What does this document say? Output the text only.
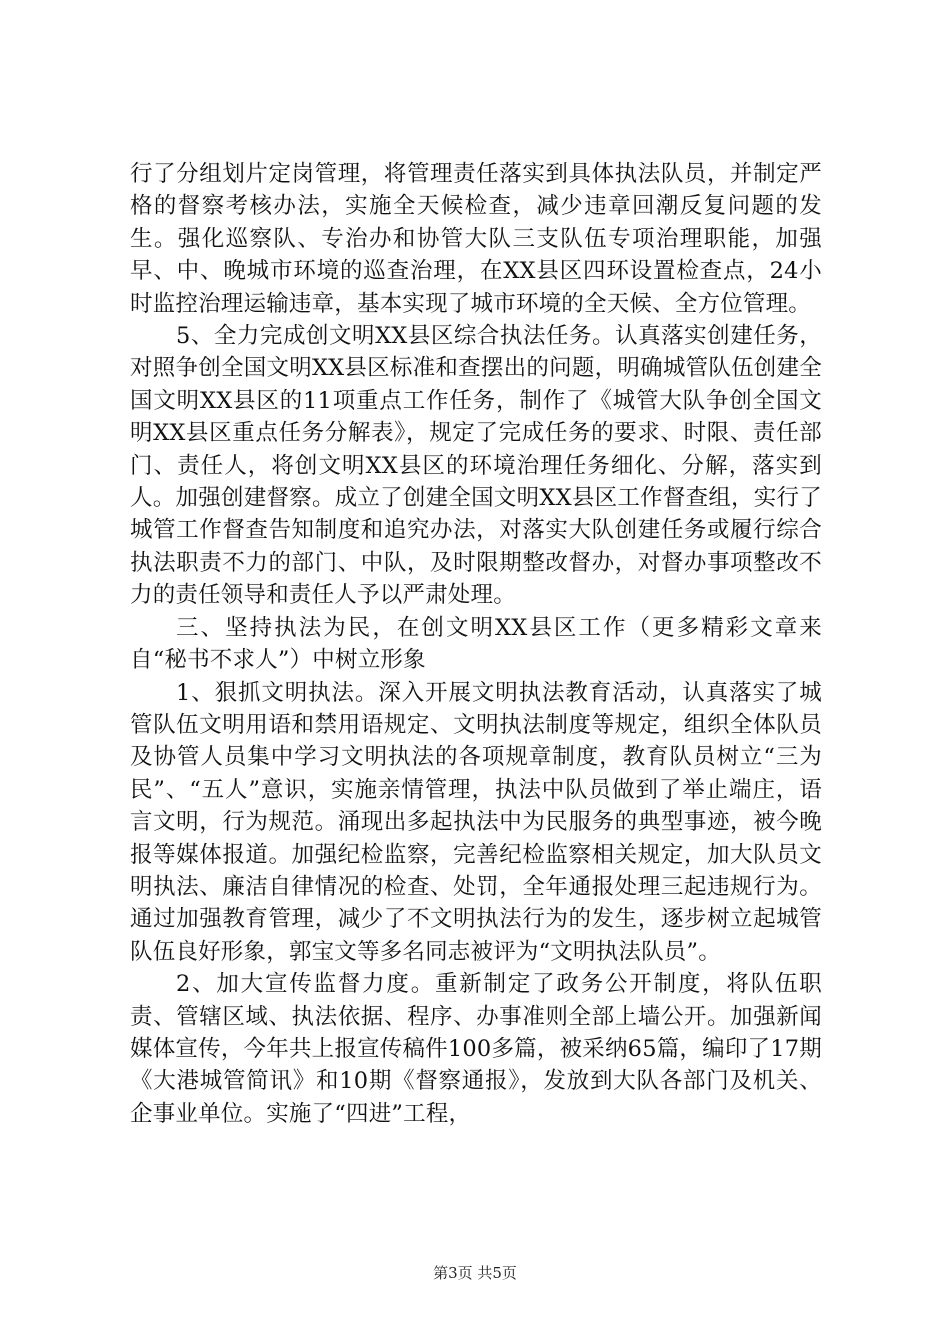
行了分组划片定岗管理，将管理责任落实到具体执法队员，并制定严格的督察考核办法，实施全天候检查，减少违章回潮反复问题的发生。强化巡察队、专治办和协管大队三支队伍专项治理职能，加强早、中、晚城市环境的巡查治理，在XX县区四环设置检查点，24小时监控治理运输违章，基本实现了城市环境的全天候、全方位管理。

5、全力完成创文明XX县区综合执法任务。认真落实创建任务，对照争创全国文明XX县区标准和查摆出的问题，明确城管队伍创建全国文明XX县区的11项重点工作任务，制作了《城管大队争创全国文明XX县区重点任务分解表》，规定了完成任务的要求、时限、责任部门、责任人，将创文明XX县区的环境治理任务细化、分解，落实到人。加强创建督察。成立了创建全国文明XX县区工作督查组，实行了城管工作督查告知制度和追究办法，对落实大队创建任务或履行综合执法职责不力的部门、中队，及时限期整改督办，对督办事项整改不力的责任领导和责任人予以严肃处理。

三、坚持执法为民，在创文明XX县区工作（更多精彩文章来自“秘书不求人”）中树立形象

1、狠抓文明执法。深入开展文明执法教育活动，认真落实了城管队伍文明用语和禁用语规定、文明执法制度等规定，组织全体队员及协管人员集中学习文明执法的各项规章制度，教育队员树立“三为民”、“五人”意识，实施亲情管理，执法中队员做到了举止端庄，语言文明，行为规范。涌现出多起执法中为民服务的典型事迹，被今晚报等媒体报道。加强纪检监察，完善纪检监察相关规定，加大队员文明执法、廉洁自律情况的检查、处罚，全年通报处理三起违规行为。通过加强教育管理，减少了不文明执法行为的发生，逐步树立起城管队伍良好形象，郭宝文等多名同志被评为“文明执法队员”。

2、加大宣传监督力度。重新制定了政务公开制度，将队伍职责、管辖区域、执法依据、程序、办事准则全部上墙公开。加强新闻媒体宣传，今年共上报宣传稿件100多篇，被采纳65篇，编印了17期《大港城管简讯》和10期《督察通报》，发放到大队各部门及机关、企事业单位。实施了“四进”工程，

第3页 共5页
